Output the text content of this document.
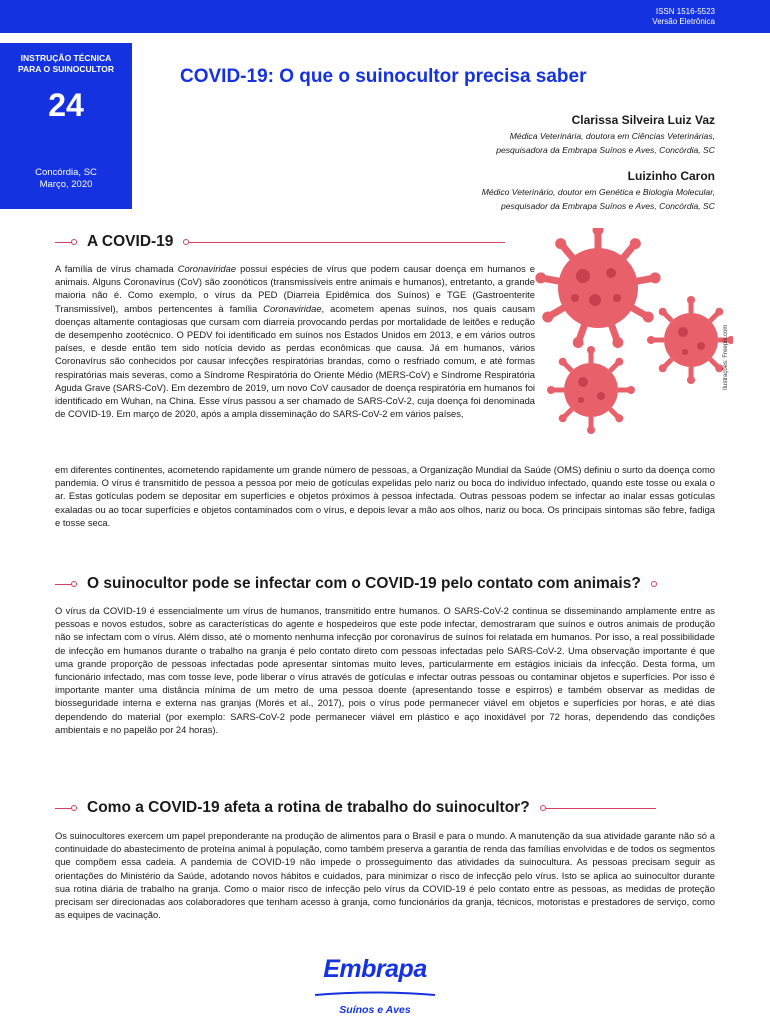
ISSN 1516-5523
Versão Eletrônica
INSTRUÇÃO TÉCNICA
PARA O SUINOCULTOR
24
Concórdia, SC
Março, 2020
COVID-19: O que o suinocultor precisa saber
Clarissa Silveira Luiz Vaz
Médica Veterinária, doutora em Ciências Veterinárias,
pesquisadora da Embrapa Suínos e Aves, Concórdia, SC
Luizinho Caron
Médico Veterinário, doutor em Genética e Biologia Molecular,
pesquisador da Embrapa Suínos e Aves, Concórdia, SC
A COVID-19

A família de vírus chamada Coronaviridae possui espécies de vírus que podem causar doença em humanos e animais. Alguns Coronavírus (CoV) são zoonóticos (transmissíveis entre animais e humanos), entretanto, a grande maioria não é. Como exemplo, o vírus da PED (Diarreia Epidêmica dos Suínos) e TGE (Gastroenterite Transmissível), ambos pertencentes à família Coronaviridae, acometem apenas suínos, nos quais causam doenças altamente contagiosas que cursam com diarreia provocando perdas por mortalidade de leitões e redução de desempenho zootécnico. O PEDV foi identificado em suínos nos Estados Unidos em 2013, e em vários outros países, e desde então tem sido notícia devido as perdas econômicas que causa. Já em humanos, vários Coronavírus são conhecidos por causar infecções respiratórias brandas, como o resfriado comum, e até formas respiratórias mais severas, como a Síndrome Respiratória do Oriente Médio (MERS-CoV) e Síndrome Respiratória Aguda Grave (SARS-CoV). Em dezembro de 2019, um novo CoV causador de doença respiratória em humanos foi identificado em Wuhan, na China. Esse vírus passou a ser chamado de SARS-CoV-2, cuja doença foi denominada de COVID-19. Em março de 2020, após a ampla disseminação do SARS-CoV-2 em vários países,

em diferentes continentes, acometendo rapidamente um grande número de pessoas, a Organização Mundial da Saúde (OMS) definiu o surto da doença como pandemia. O vírus é transmitido de pessoa a pessoa por meio de gotículas expelidas pelo nariz ou boca do indivíduo infectado, quando este tosse ou exala o ar. Estas gotículas podem se depositar em superfícies e objetos próximos à pessoa infectada. Outras pessoas podem se infectar ao inalar essas gotículas exaladas ou ao tocar superfícies e objetos contaminados com o vírus, e depois levar a mão aos olhos, nariz ou boca. Os principais sintomas são febre, fadiga e tosse seca.

Ilustrações: Freepik.com
O suinocultor pode se infectar com o COVID-19 pelo contato com animais?

O vírus da COVID-19 é essencialmente um vírus de humanos, transmitido entre humanos. O SARS-CoV-2 continua se disseminando amplamente entre as pessoas e novos estudos, sobre as características do agente e hospedeiros que este pode infectar, demostraram que suínos e outros animais de produção não se infectam com o vírus. Além disso, até o momento nenhuma infecção por coronavírus de suínos foi relatada em humanos. Por isso, a real possibilidade de infecção em humanos durante o trabalho na granja é pelo contato direto com pessoas infectadas pelo SARS-CoV-2. Uma observação importante é que uma grande proporção de pessoas infectadas pode apresentar sintomas muito leves, particularmente em estágios iniciais da infecção. Desta forma, um funcionário infectado, mas com tosse leve, pode liberar o vírus através de gotículas e infectar outras pessoas ou contaminar objetos e superfícies. Por isso é importante manter uma distância mínima de um metro de uma pessoa doente (apresentando tosse e espirros) e também observar as medidas de biosseguridade interna e externa nas granjas (Morés et al., 2017), pois o vírus pode permanecer viável em objetos e superfícies por horas, e até dias dependendo do material (por exemplo: SARS-CoV-2 pode permanecer viável em plástico e aço inoxidável por 72 horas, dependendo das condições ambientais e no papelão por 24 horas).

Como a COVID-19 afeta a rotina de trabalho do suinocultor?

Os suinocultores exercem um papel preponderante na produção de alimentos para o Brasil e para o mundo. A manutenção da sua atividade garante não só a continuidade do abastecimento de proteína animal à população, como também preserva a garantia de renda das famílias envolvidas e de todos os segmentos que compõem essa cadeia. A pandemia de COVID-19 não impede o prosseguimento das atividades da suinocultura. As pessoas precisam seguir as orientações do Ministério da Saúde, adotando novos hábitos e cuidados, para minimizar o risco de infecção pelo vírus. Isto se aplica ao suinocultor durante sua rotina diária de trabalho na granja. Como o maior risco de infecção pelo vírus da COVID-19 é pelo contato entre as pessoas, as medidas de proteção precisam ser direcionadas aos colaboradores que tenham acesso à granja, como funcionários da granja, técnicos, motoristas e prestadores de serviço, como as equipes de vacinação.

Embrapa
Suínos e Aves
